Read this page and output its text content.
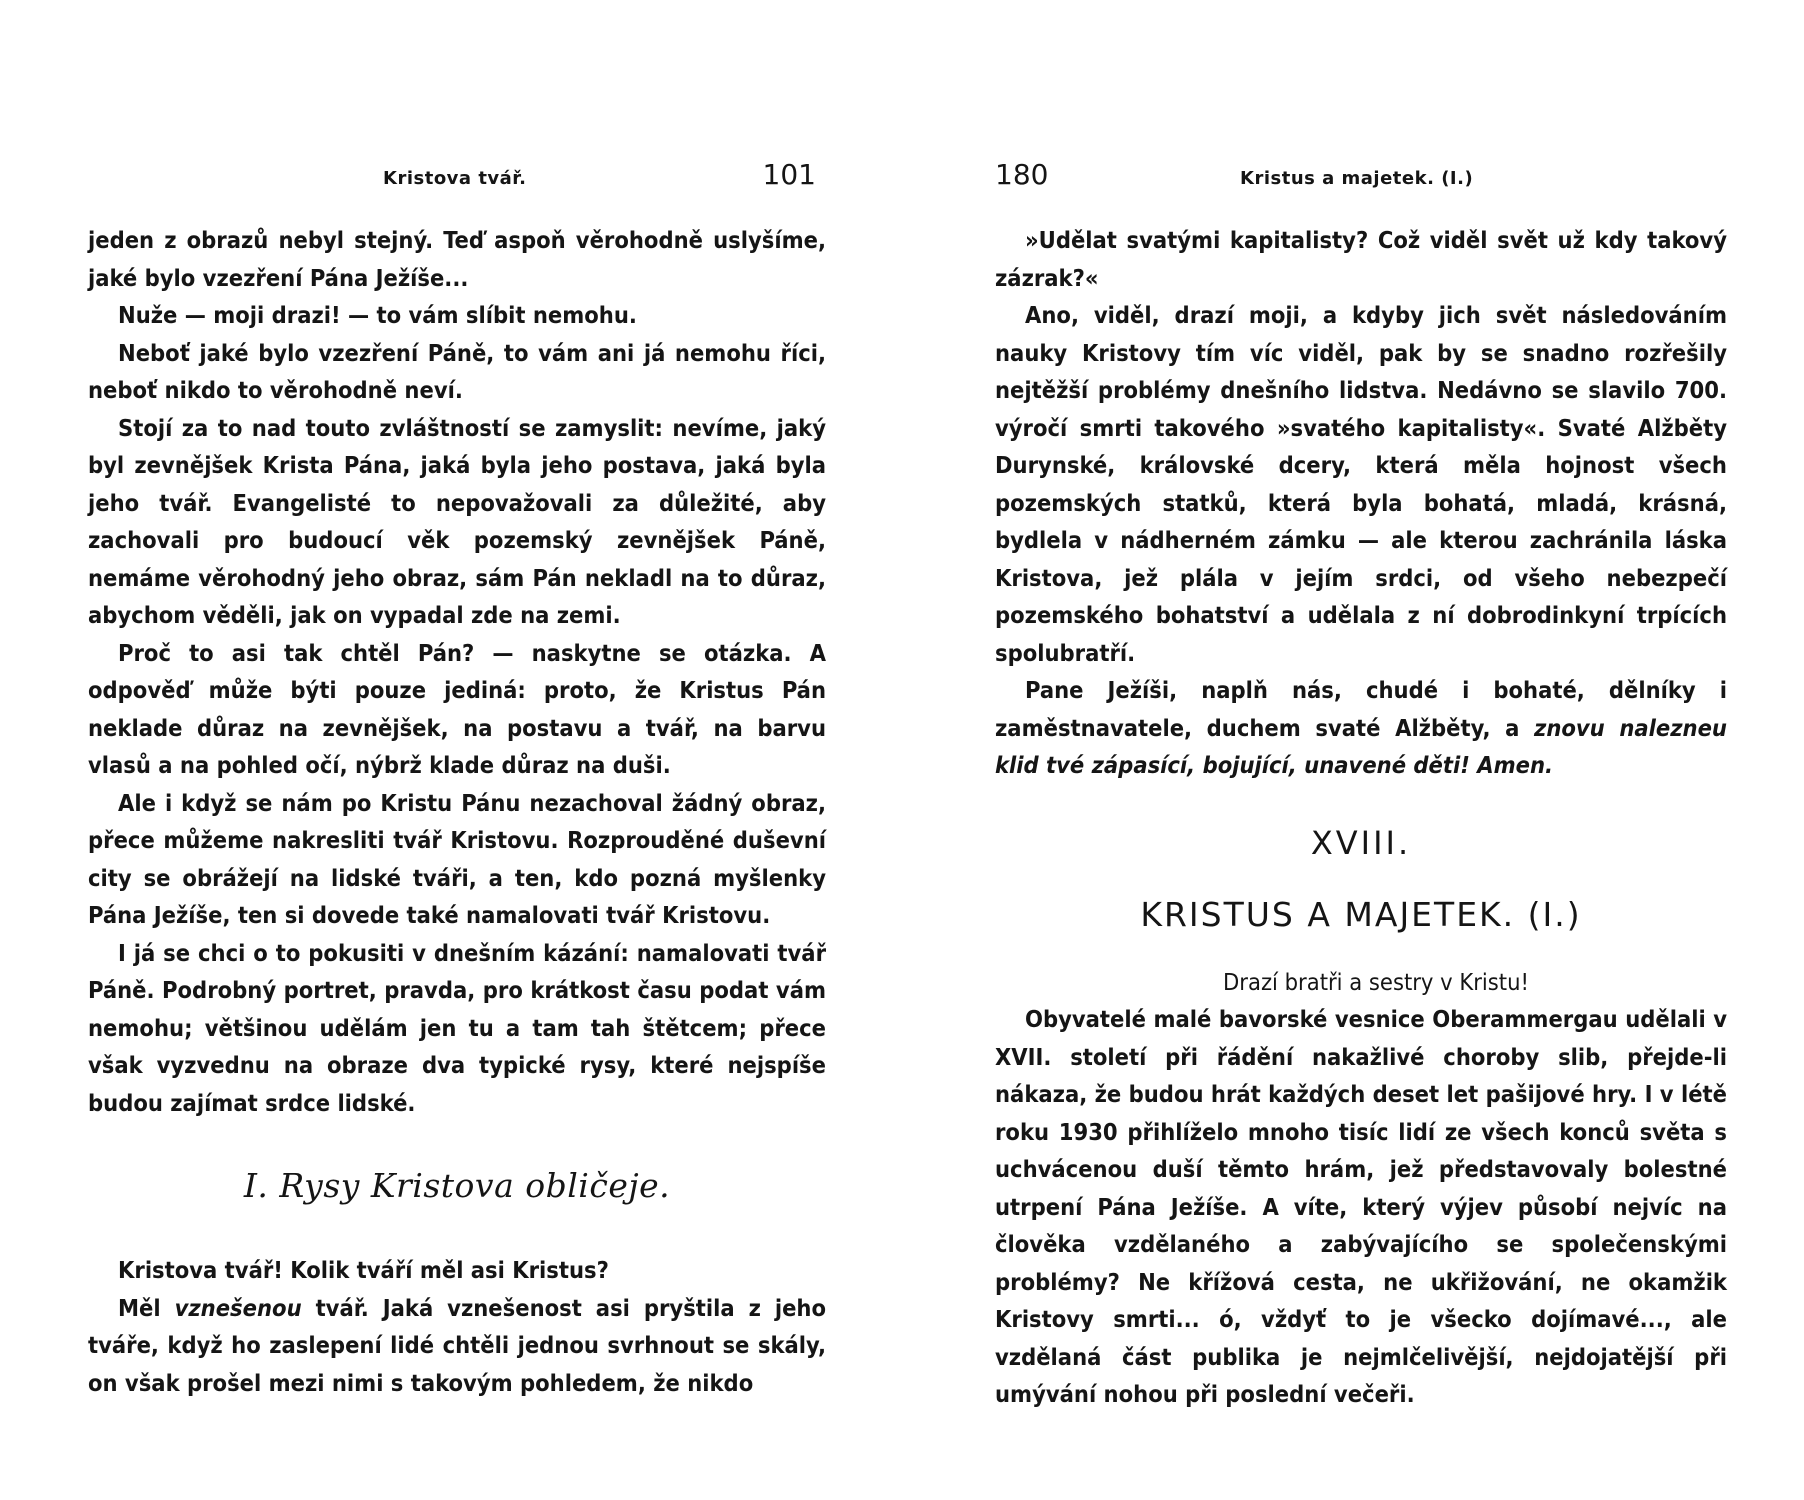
Kristova tvář.	101

jeden z obrazů nebyl stejný. Teď aspoň věrohodně uslyšíme, jaké bylo vzezření Pána Ježíše...

Nuže — moji drazi! — to vám slíbit nemohu.

Neboť jaké bylo vzezření Páně, to vám ani já nemohu říci, neboť nikdo to věrohodně neví.

Stojí za to nad touto zvláštností se zamyslit: nevíme, jaký byl zevnějšek Krista Pána, jaká byla jeho postava, jaká byla jeho tvář. Evangelisté to nepovažovali za důležité, aby zachovali pro budoucí věk pozemský zevnějšek Páně, nemáme věrohodný jeho obraz, sám Pán nekladl na to důraz, abychom věděli, jak on vypadal zde na zemi.

Proč to asi tak chtěl Pán? — naskytne se otázka. A odpověď může býti pouze jediná: proto, že Kristus Pán neklade důraz na zevnějšek, na postavu a tvář, na barvu vlasů a na pohled očí, nýbrž klade důraz na duši.

Ale i když se nám po Kristu Pánu nezachoval žádný obraz, přece můžeme nakresliti tvář Kristovu. Rozprouděné duševní city se obrážejí na lidské tváři, a ten, kdo pozná myšlenky Pána Ježíše, ten si dovede také namalovati tvář Kristovu.

I já se chci o to pokusiti v dnešním kázání: namalovati tvář Páně. Podrobný portret, pravda, pro krátkost času podat vám nemohu; většinou udělám jen tu a tam tah štětcem; přece však vyzvednu na obraze dva typické rysy, které nejspíše budou zajímat srdce lidské.

I. Rysy Kristova obličeje.

Kristova tvář! Kolik tváří měl asi Kristus?

Měl vznešenou tvář. Jaká vznešenost asi pryštila z jeho tváře, když ho zaslepení lidé chtěli jednou svrhnout se skály, on však prošel mezi nimi s takovým pohledem, že nikdo

180	Kristus a majetek. (I.)

»Udělat svatými kapitalisty? Což viděl svět už kdy takový zázrak?«

Ano, viděl, drazí moji, a kdyby jich svět následováním nauky Kristovy tím víc viděl, pak by se snadno rozřešily nejtěžší problémy dnešního lidstva. Nedávno se slavilo 700. výročí smrti takového »svatého kapitalisty«. Svaté Alžběty Durynské, královské dcery, která měla hojnost všech pozemských statků, která byla bohatá, mladá, krásná, bydlela v nádherném zámku — ale kterou zachránila láska Kristova, jež plála v jejím srdci, od všeho nebezpečí pozemského bohatství a udělala z ní dobrodinkyní trpících spolubratří.

Pane Ježíši, naplň nás, chudé i bohaté, dělníky i zaměstnavatele, duchem svaté Alžběty, a znovu nalezneu klid tvé zápasící, bojující, unavené děti! Amen.

XVIII.
KRISTUS A MAJETEK. (I.)

Drazí bratři a sestry v Kristu!

Obyvatelé malé bavorské vesnice Oberammergau udělali v XVII. století při řádění nakažlivé choroby slib, přejde-li nákaza, že budou hrát každých deset let pašijové hry. I v létě roku 1930 přihlíželo mnoho tisíc lidí ze všech konců světa s uchvácenou duší těmto hrám, jež představovaly bolestné utrpení Pána Ježíše. A víte, který výjev působí nejvíc na člověka vzdělaného a zabývajícího se společenskými problémy? Ne křížová cesta, ne ukřižování, ne okamžik Kristovy smrti... ó, vždyť to je všecko dojímavé..., ale vzdělaná část publika je nejmlčelivější, nejdojatější při umývání nohou při poslední večeři.
